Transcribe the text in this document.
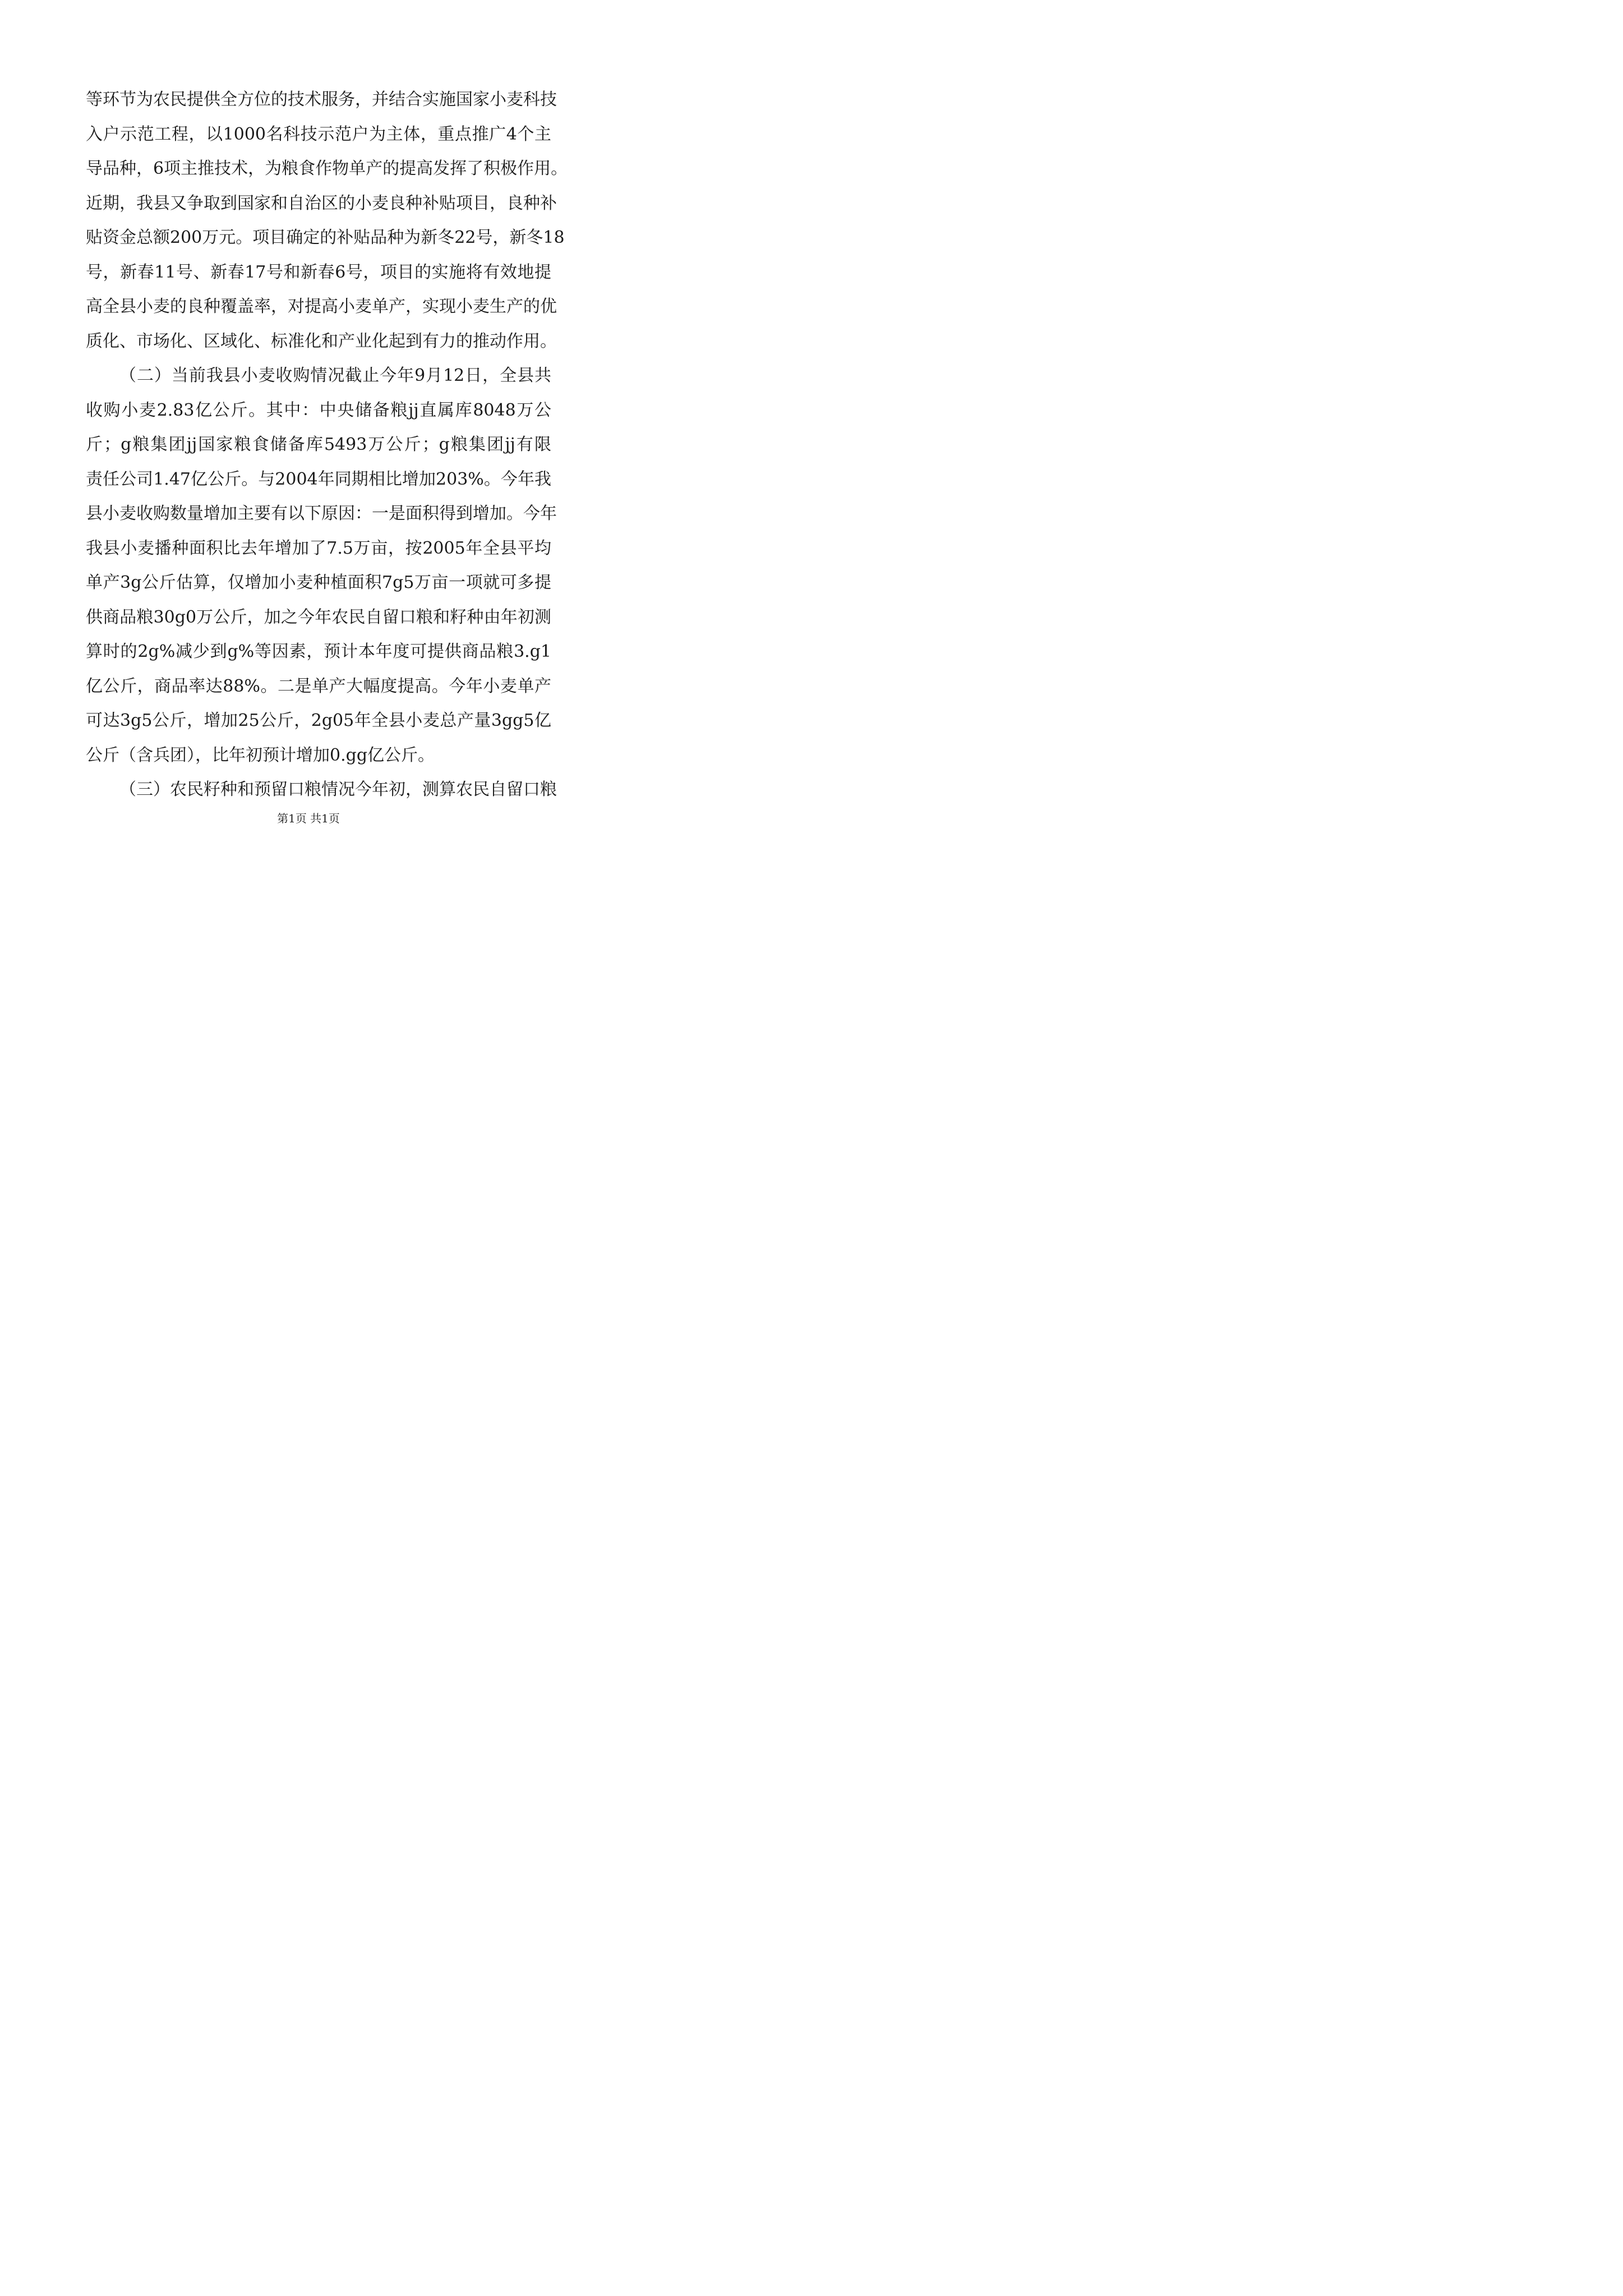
等环节为农民提供全方位的技术服务，并结合实施国家小麦科技
入户示范工程，以1000名科技示范户为主体，重点推广4个主
导品种，6项主推技术，为粮食作物单产的提高发挥了积极作用。
近期，我县又争取到国家和自治区的小麦良种补贴项目，良种补
贴资金总额200万元。项目确定的补贴品种为新冬22号，新冬18
号，新春11号、新春17号和新春6号，项目的实施将有效地提
高全县小麦的良种覆盖率，对提高小麦单产，实现小麦生产的优
质化、市场化、区域化、标准化和产业化起到有力的推动作用。
（二）当前我县小麦收购情况截止今年9月12日，全县共
收购小麦2.83亿公斤。其中：中央储备粮jj直属库8048万公
斤；g粮集团jj国家粮食储备库5493万公斤；g粮集团jj有限
责任公司1.47亿公斤。与2004年同期相比增加203%。今年我
县小麦收购数量增加主要有以下原因：一是面积得到增加。今年
我县小麦播种面积比去年增加了7.5万亩，按2005年全县平均
单产3g公斤估算，仅增加小麦种植面积7g5万亩一项就可多提
供商品粮30g0万公斤，加之今年农民自留口粮和籽种由年初测
算时的2g%减少到g%等因素，预计本年度可提供商品粮3.g1
亿公斤，商品率达88%。二是单产大幅度提高。今年小麦单产
可达3g5公斤，增加25公斤，2g05年全县小麦总产量3gg5亿
公斤（含兵团），比年初预计增加0.gg亿公斤。
（三）农民籽种和预留口粮情况今年初，测算农民自留口粮
第1页 共1页
